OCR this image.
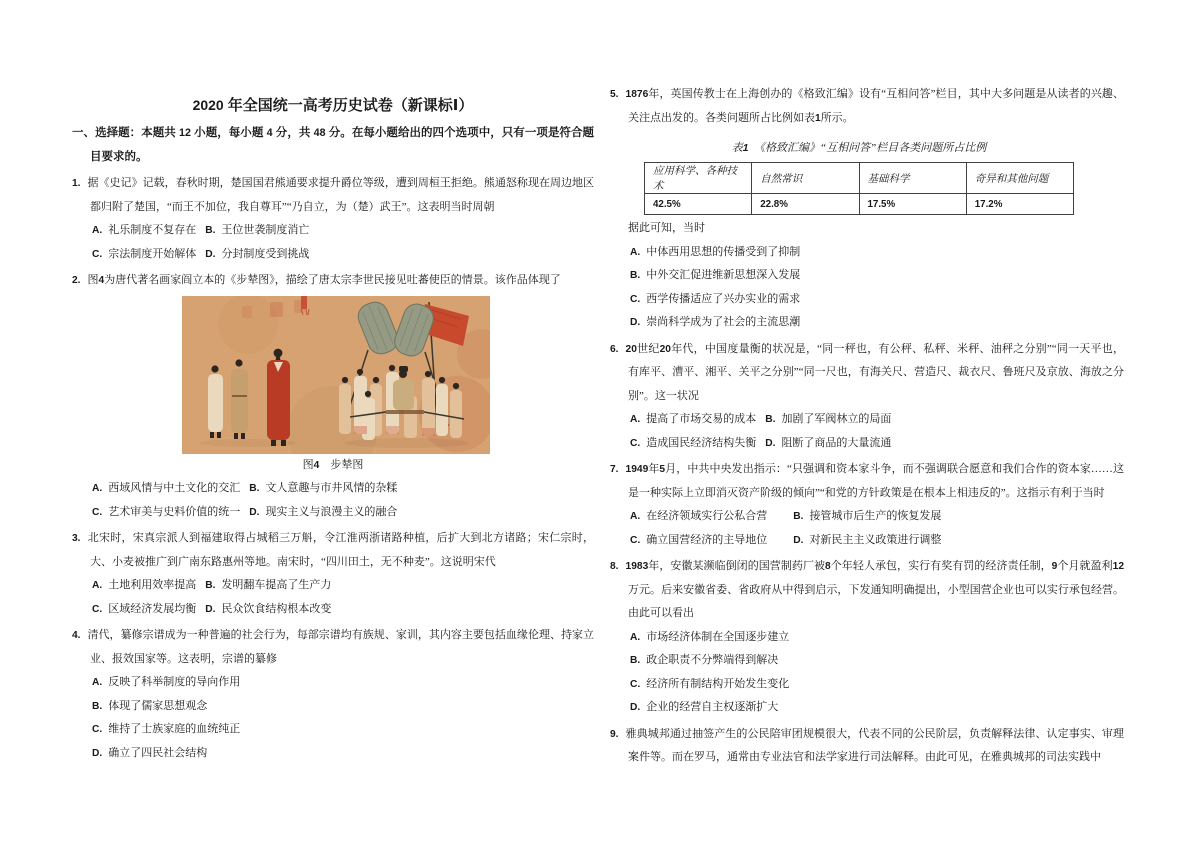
2020 年全国统一高考历史试卷（新课标Ⅰ）
一、选择题：本题共 12 小题，每小题 4 分，共 48 分。在每小题给出的四个选项中，只有一项是符合题目要求的。
1. 据《史记》记载，春秋时期，楚国国君熊通要求提升爵位等级，遭到周桓王拒绝。熊通怒称现在周边地区都归附了楚国，“而王不加位，我自尊耳”“乃自立，为（楚）武王”。这表明当时周朝
A. 礼乐制度不复存在 B. 王位世袭制度消亡
C. 宗法制度开始解体 D. 分封制度受到挑战
2. 图4为唐代著名画家阎立本的《步辇图》，描绘了唐太宗李世民接见吐蕃使臣的情景。该作品体现了
图4　步辇图
A. 西域风情与中土文化的交汇 B. 文人意趣与市井风情的杂糅
C. 艺术审美与史料价值的统一 D. 现实主义与浪漫主义的融合
3. 北宋时，宋真宗派人到福建取得占城稻三万斛，令江淮两浙诸路种植，后扩大到北方诸路；宋仁宗时，大、小麦被推广到广南东路惠州等地。南宋时，“四川田土，无不种麦”。这说明宋代
A. 土地利用效率提高 B. 发明翻车提高了生产力
C. 区域经济发展均衡 D. 民众饮食结构根本改变
4. 清代，纂修宗谱成为一种普遍的社会行为，每部宗谱均有族规、家训，其内容主要包括血缘伦理、持家立业、报效国家等。这表明，宗谱的纂修
A. 反映了科举制度的导向作用
B. 体现了儒家思想观念
C. 维持了士族家庭的血统纯正
D. 确立了四民社会结构
5. 1876年，英国传教士在上海创办的《格致汇编》设有“互相问答”栏目，其中大多问题是从读者的兴趣、关注点出发的。各类问题所占比例如表1所示。
表1　《格致汇编》“互相问答”栏目各类问题所占比例
应用科学、各种技术	自然常识	基础科学	奇异和其他问题
42.5%	22.8%	17.5%	17.2%
据此可知，当时
A. 中体西用思想的传播受到了抑制
B. 中外交汇促进维新思想深入发展
C. 西学传播适应了兴办实业的需求
D. 崇尚科学成为了社会的主流思潮
6. 20世纪20年代，中国度量衡的状况是，“同一秤也，有公秤、私秤、米秤、油秤之分别”“同一天平也，有库平、漕平、湘平、关平之分别”“同一尺也，有海关尺、营造尺、裁衣尺、鲁班尺及京放、海放之分别”。这一状况
A. 提高了市场交易的成本 B. 加剧了军阀林立的局面
C. 造成国民经济结构失衡 D. 阻断了商品的大量流通
7. 1949年5月，中共中央发出指示：“只强调和资本家斗争，而不强调联合愿意和我们合作的资本家……这是一种实际上立即消灭资产阶级的倾向”“和党的方针政策是在根本上相违反的”。这指示有利于当时
A. 在经济领域实行公私合营	B. 接管城市后生产的恢复发展
C. 确立国营经济的主导地位	D. 对新民主主义政策进行调整
8. 1983年，安徽某濒临倒闭的国营制药厂被8个年轻人承包，实行有奖有罚的经济责任制，9个月就盈利12万元。后来安徽省委、省政府从中得到启示，下发通知明确提出，小型国营企业也可以实行承包经营。由此可以看出
A. 市场经济体制在全国逐步建立
B. 政企职责不分弊端得到解决
C. 经济所有制结构开始发生变化
D. 企业的经营自主权逐渐扩大
9. 雅典城邦通过抽签产生的公民陪审团规模很大，代表不同的公民阶层，负责解释法律、认定事实、审理案件等。而在罗马，通常由专业法官和法学家进行司法解释。由此可见，在雅典城邦的司法实践中
